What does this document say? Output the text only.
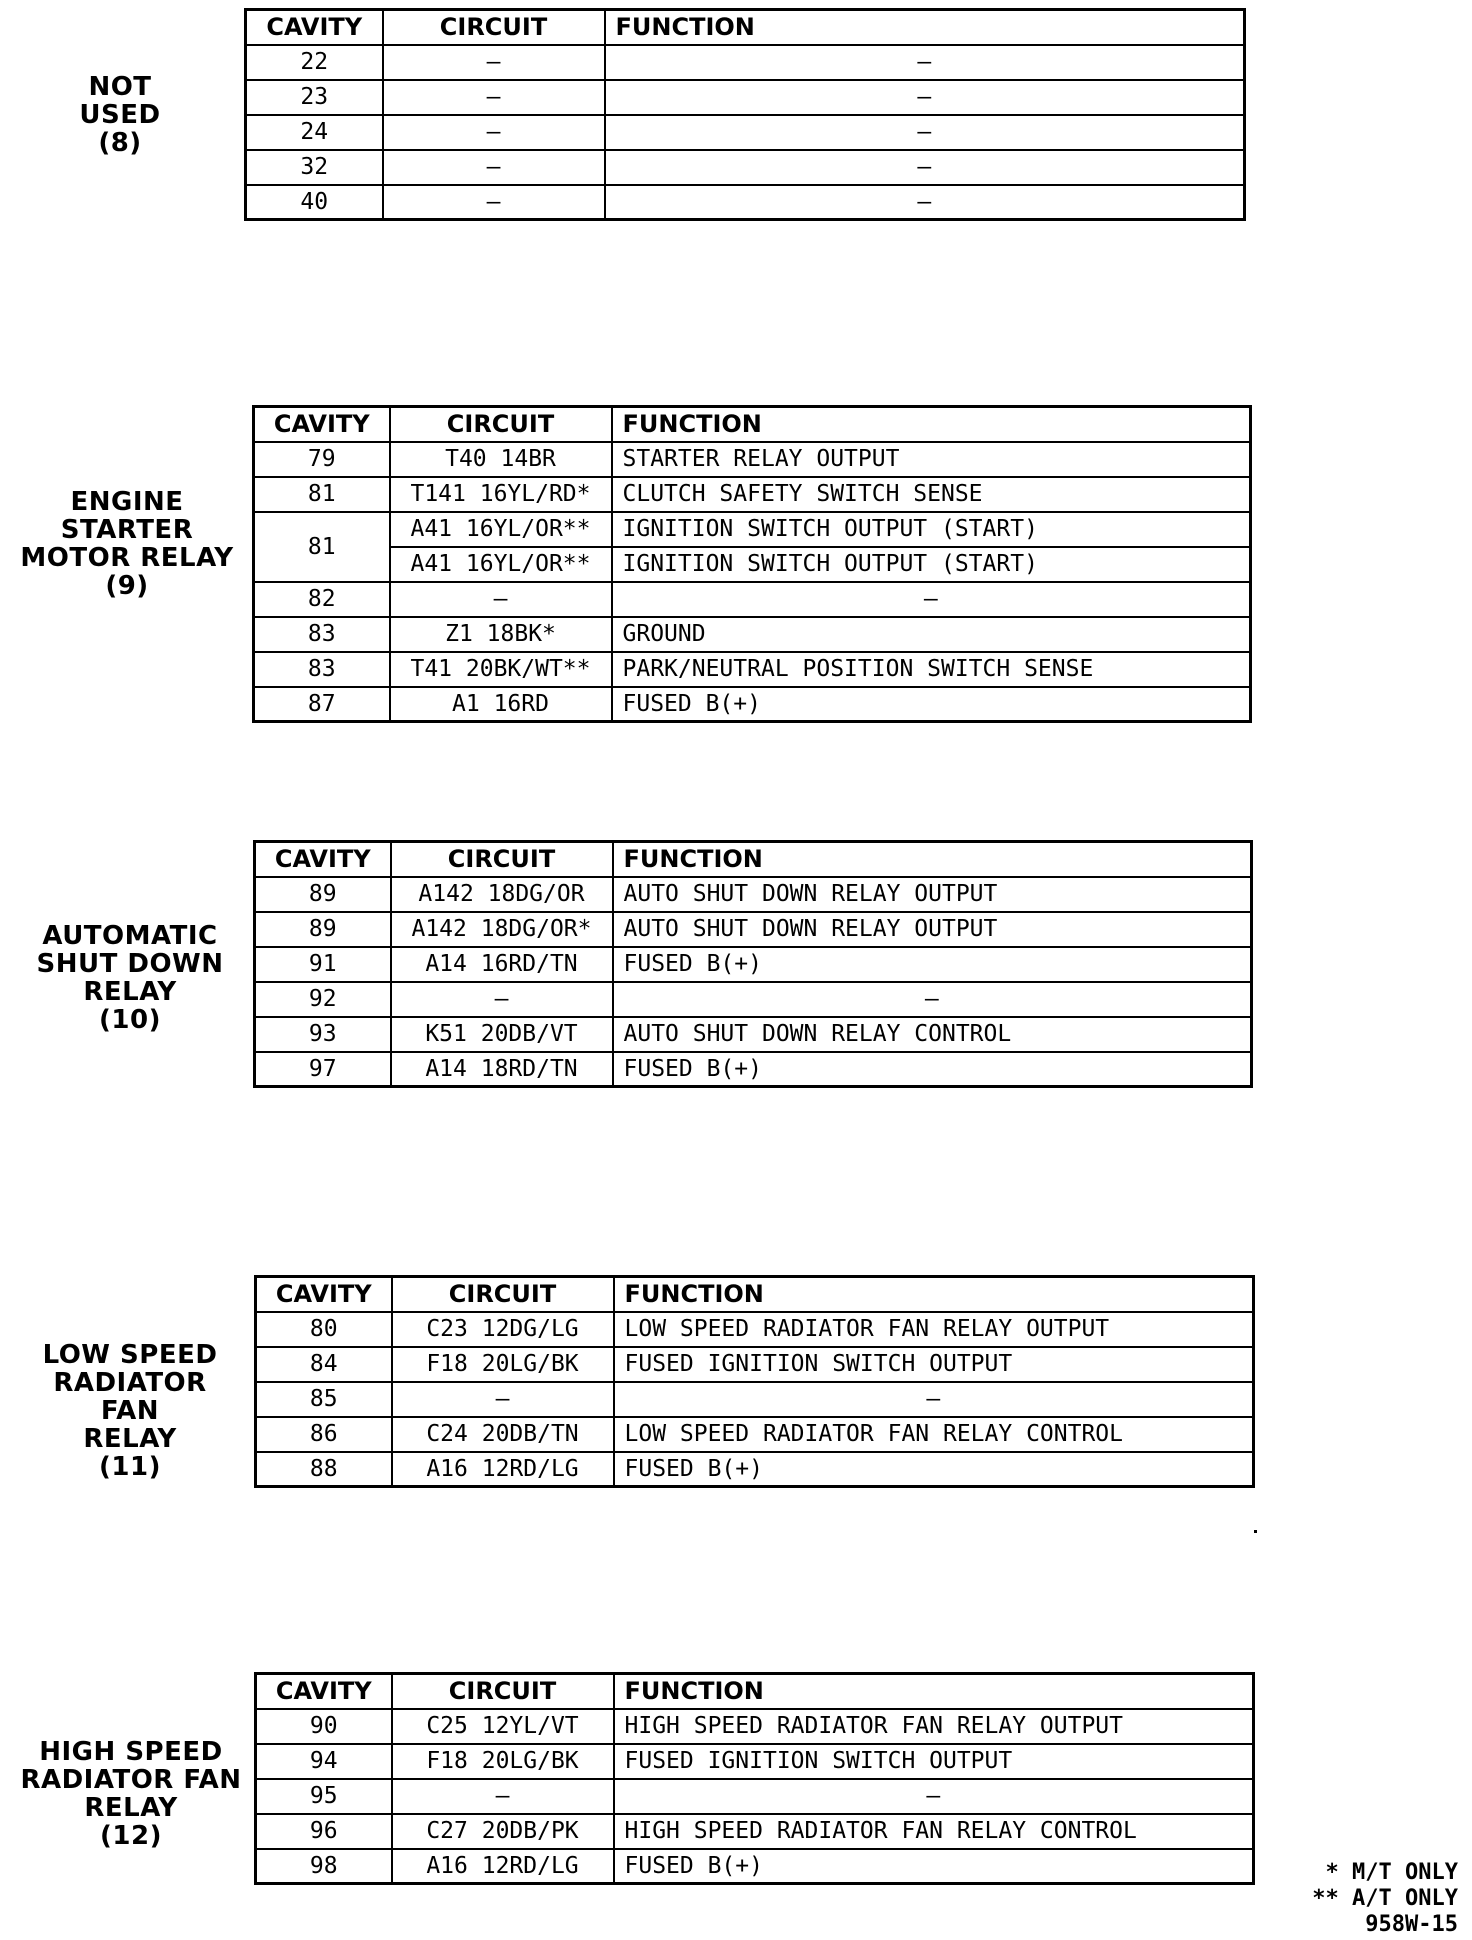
NOT
USED
(8)
CAVITY	CIRCUIT	FUNCTION
22	–	–
23	–	–
24	–	–
32	–	–
40	–	–
ENGINE STARTER
MOTOR RELAY
(9)
CAVITY	CIRCUIT	FUNCTION
79	T40 14BR	STARTER RELAY OUTPUT
81	T141 16YL/RD*	CLUTCH SAFETY SWITCH SENSE
81	A41 16YL/OR**	IGNITION SWITCH OUTPUT (START)
	A41 16YL/OR**	IGNITION SWITCH OUTPUT (START)
82	–	–
83	Z1 18BK*	GROUND
83	T41 20BK/WT**	PARK/NEUTRAL POSITION SWITCH SENSE
87	A1 16RD	FUSED B(+)
AUTOMATIC
SHUT DOWN
RELAY
(10)
CAVITY	CIRCUIT	FUNCTION
89	A142 18DG/OR	AUTO SHUT DOWN RELAY OUTPUT
89	A142 18DG/OR*	AUTO SHUT DOWN RELAY OUTPUT
91	A14 16RD/TN	FUSED B(+)
92	–	–
93	K51 20DB/VT	AUTO SHUT DOWN RELAY CONTROL
97	A14 18RD/TN	FUSED B(+)
LOW SPEED
RADIATOR FAN
RELAY
(11)
CAVITY	CIRCUIT	FUNCTION
80	C23 12DG/LG	LOW SPEED RADIATOR FAN RELAY OUTPUT
84	F18 20LG/BK	FUSED IGNITION SWITCH OUTPUT
85	–	–
86	C24 20DB/TN	LOW SPEED RADIATOR FAN RELAY CONTROL
88	A16 12RD/LG	FUSED B(+)
HIGH SPEED
RADIATOR FAN
RELAY
(12)
CAVITY	CIRCUIT	FUNCTION
90	C25 12YL/VT	HIGH SPEED RADIATOR FAN RELAY OUTPUT
94	F18 20LG/BK	FUSED IGNITION SWITCH OUTPUT
95	–	–
96	C27 20DB/PK	HIGH SPEED RADIATOR FAN RELAY CONTROL
98	A16 12RD/LG	FUSED B(+)	* M/T ONLY
** A/T ONLY
958W-15
